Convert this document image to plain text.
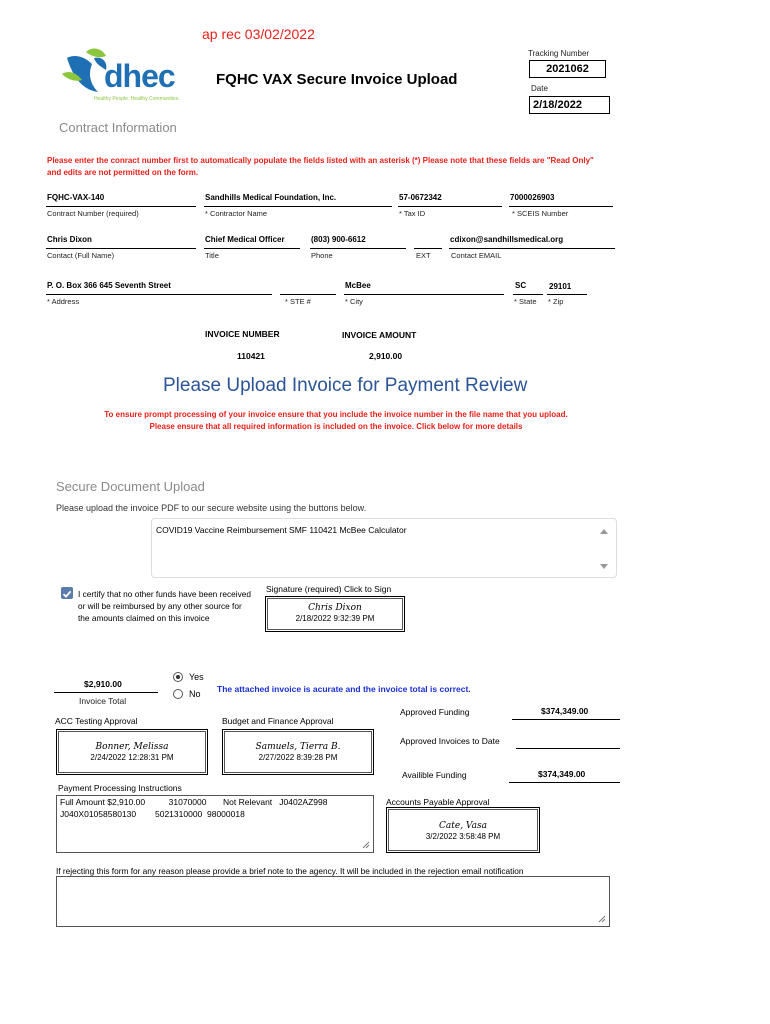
ap rec 03/02/2022
dhec
Healthy People. Healthy Communities.
FQHC VAX Secure Invoice Upload
Tracking Number
2021062
Date
2/18/2022
Contract Information
Please enter the conract number first to automatically populate the fields listed with an asterisk (*) Please note that these fields are "Read Only" and edits are not permitted on the form.
FQHC-VAX-140
Contract Number (required)
Sandhills Medical Foundation, Inc.
* Contractor Name
57-0672342
* Tax ID
7000026903
* SCEIS Number
Chris Dixon
Contact (Full Name)
Chief Medical Officer
Title
(803) 900-6612
Phone	EXT
cdixon@sandhillsmedical.org
Contact EMAIL
P. O. Box 366 645 Seventh Street
* Address	* STE #
McBee
* City
SC
* State
29101
* Zip
INVOICE NUMBER
110421
INVOICE AMOUNT
2,910.00
Please Upload Invoice for Payment Review
To ensure prompt processing of your invoice ensure that you include the invoice number in the file name that you upload.
Please ensure that all required information is included on the invoice. Click below for more details
Secure Document Upload
Please upload the invoice PDF to our secure website using the buttons below.
COVID19 Vaccine Reimbursement SMF 110421 McBee Calculator
I certify that no other funds have been received or will be reimbursed by any other source for the amounts claimed on this invoice
Signature (required) Click to Sign
Chris Dixon
2/18/2022 9:32:39 PM
$2,910.00
Invoice Total
Yes
No The attached invoice is acurate and the invoice total is correct.
ACC Testing Approval
Bonner, Melissa
2/24/2022 12:28:31 PM
Budget and Finance Approval
Samuels, Tierra B.
2/27/2022 8:39:28 PM
Approved Funding	$374,349.00
Approved Invoices to Date
Availible Funding	$374,349.00
Payment Processing Instructions
Full Amount $2,910.00          31070000       Not Relevant   J0402AZ998
J040X01058580130        5021310000  98000018
Accounts Payable Approval
Cate, Vasa
3/2/2022 3:58:48 PM
If rejecting this form for any reason please provide a brief note to the agency. It will be included in the rejection email notification
